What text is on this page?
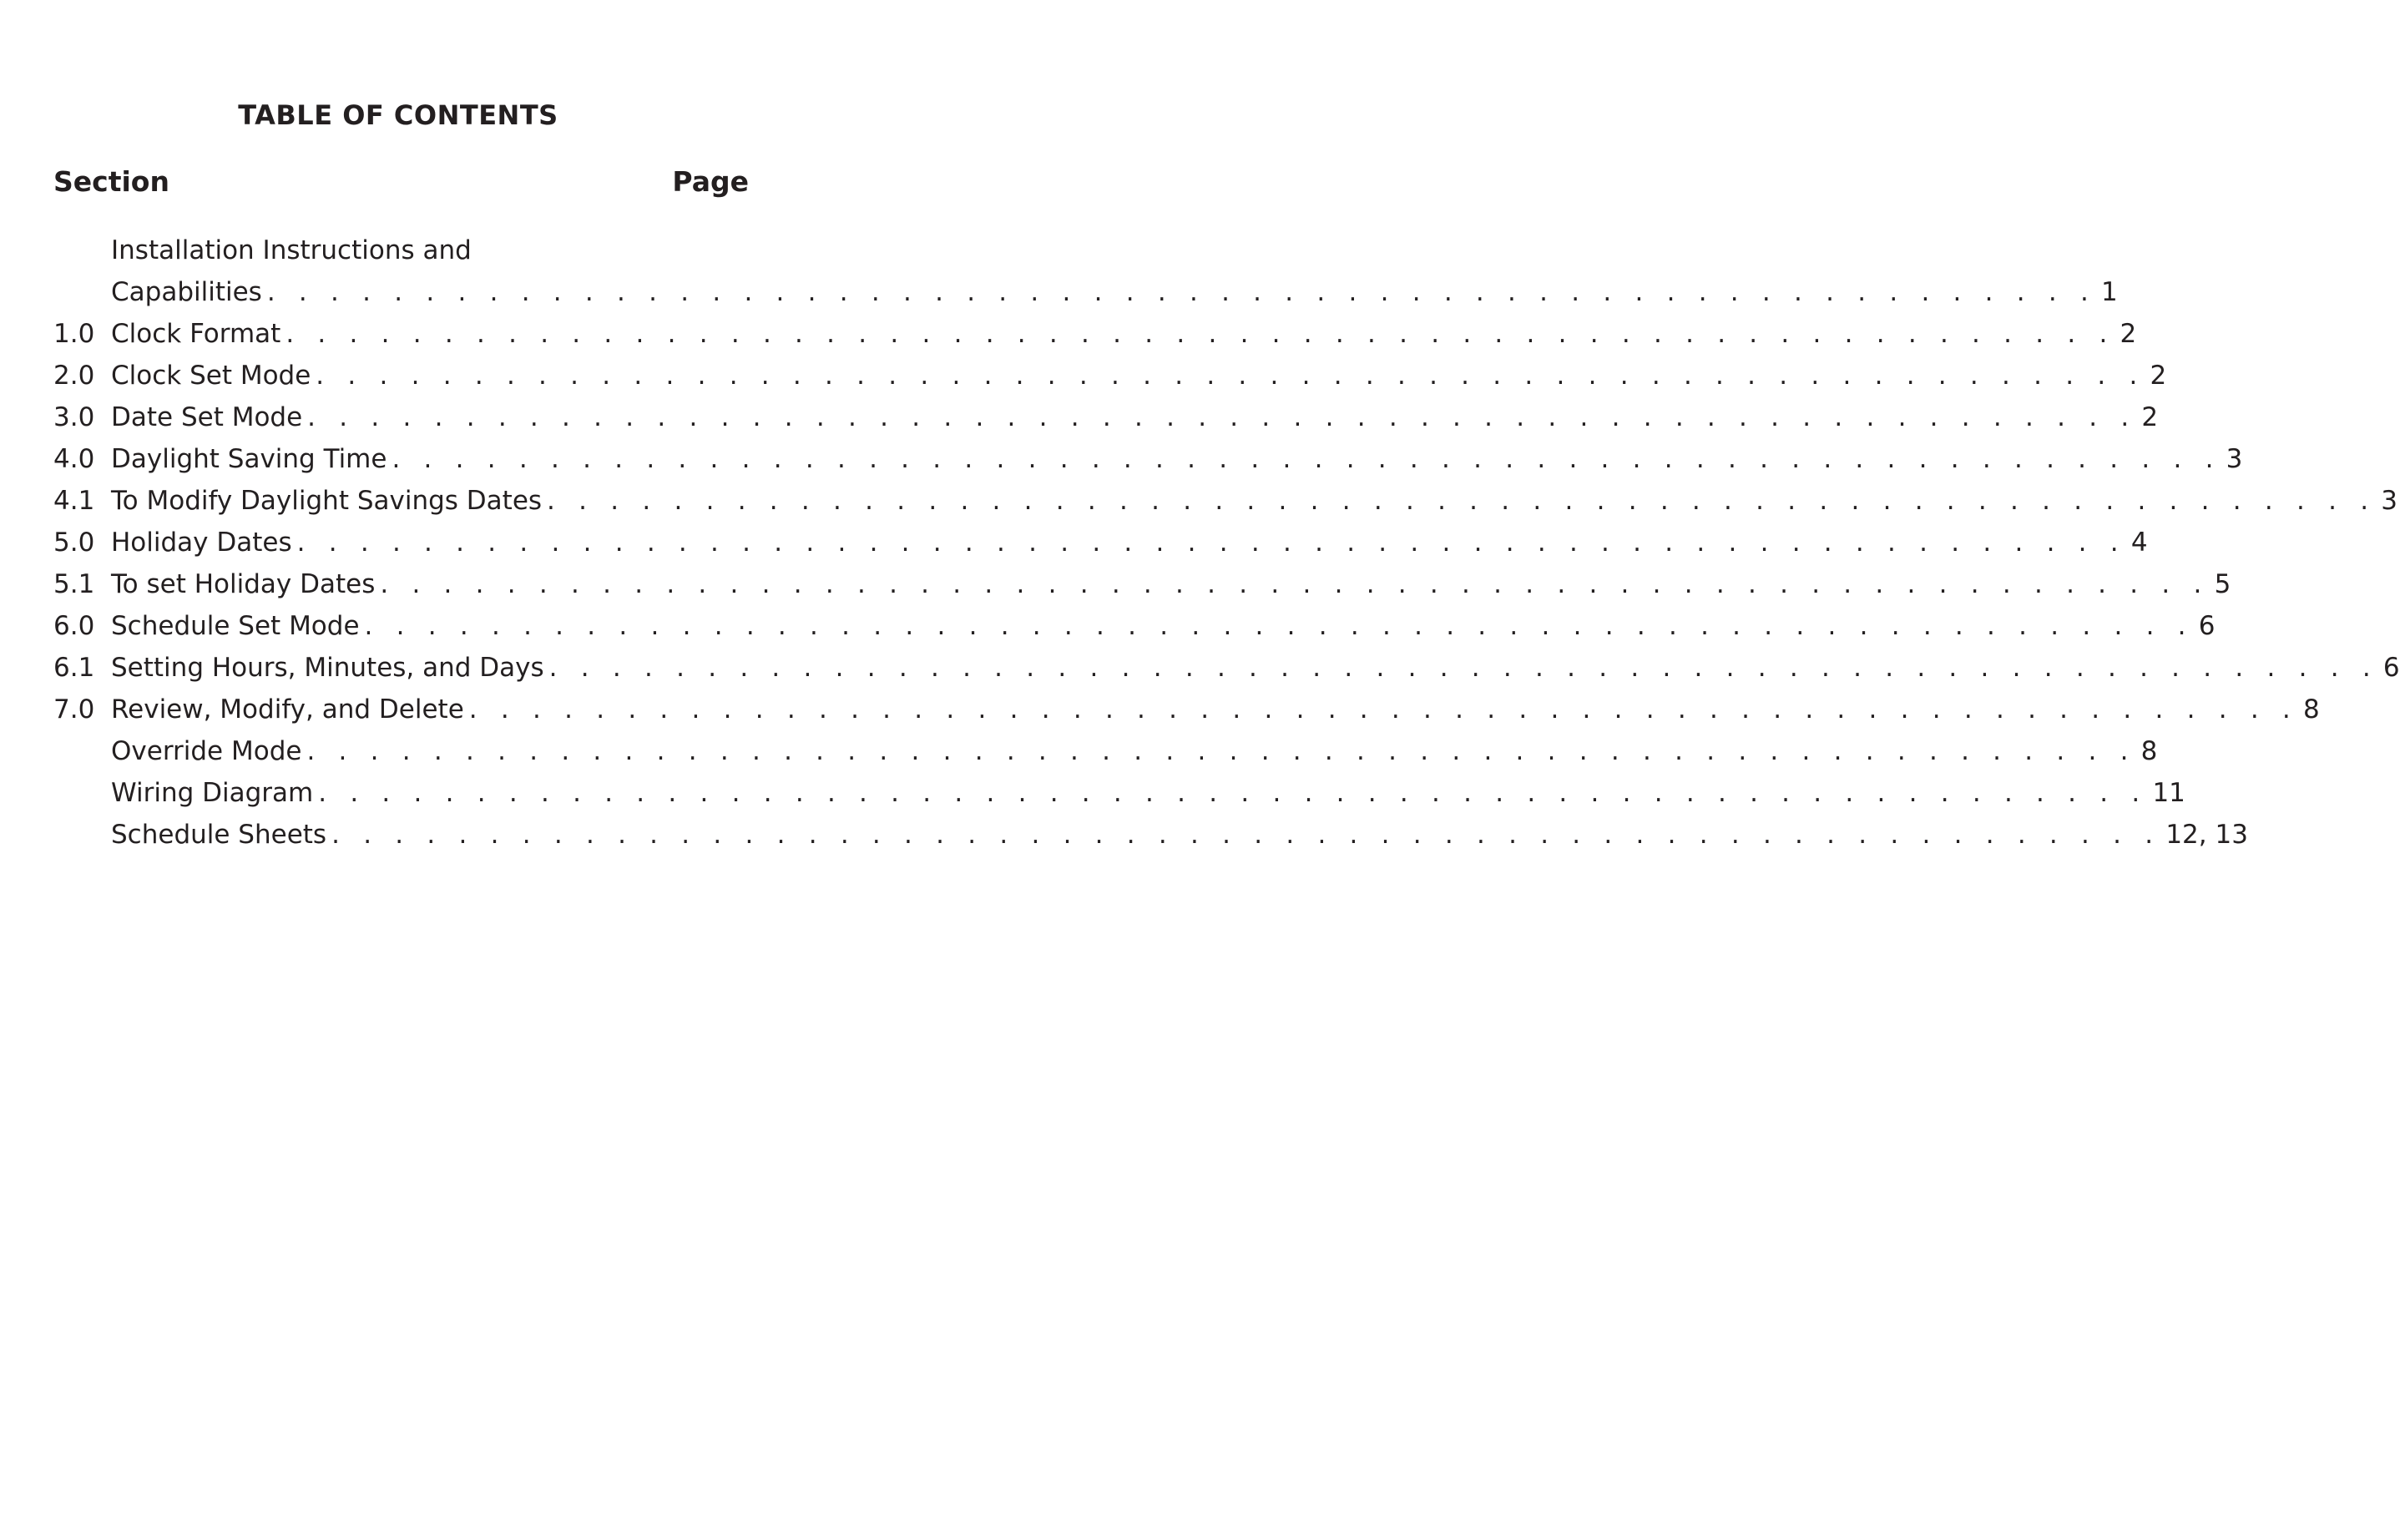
TABLE OF CONTENTS
Section	Page
Installation Instructions and
Capabilities . . . . . . . . . . . . . . . . . . . . . . . . . . . . . . . . . . . . . . . . . . . . . . . . . . . . . . . . . . 1
1.0 Clock Format . . . . . . . . . . . . . . . . . . . . . . . . . . . . . . . . . . . . . . . . . . . . . . . . . . . . . . . . . . 2
2.0 Clock Set Mode . . . . . . . . . . . . . . . . . . . . . . . . . . . . . . . . . . . . . . . . . . . . . . . . . . . . . . . . . . 2
3.0 Date Set Mode . . . . . . . . . . . . . . . . . . . . . . . . . . . . . . . . . . . . . . . . . . . . . . . . . . . . . . . . . . 2
4.0 Daylight Saving Time . . . . . . . . . . . . . . . . . . . . . . . . . . . . . . . . . . . . . . . . . . . . . . . . . . . . . . . . . . 3
4.1 To Modify Daylight Savings Dates . . . . . . . . . . . . . . . . . . . . . . . . . . . . . . . . . . . . . . . . . . . . . . . . . . . . . . . . . . 3
5.0 Holiday Dates . . . . . . . . . . . . . . . . . . . . . . . . . . . . . . . . . . . . . . . . . . . . . . . . . . . . . . . . . . 4
5.1 To set Holiday Dates . . . . . . . . . . . . . . . . . . . . . . . . . . . . . . . . . . . . . . . . . . . . . . . . . . . . . . . . . . 5
6.0 Schedule Set Mode . . . . . . . . . . . . . . . . . . . . . . . . . . . . . . . . . . . . . . . . . . . . . . . . . . . . . . . . . . 6
6.1 Setting Hours, Minutes, and Days . . . . . . . . . . . . . . . . . . . . . . . . . . . . . . . . . . . . . . . . . . . . . . . . . . . . . . . . . . 6
7.0 Review, Modify, and Delete . . . . . . . . . . . . . . . . . . . . . . . . . . . . . . . . . . . . . . . . . . . . . . . . . . . . . . . . . . 8
Override Mode . . . . . . . . . . . . . . . . . . . . . . . . . . . . . . . . . . . . . . . . . . . . . . . . . . . . . . . . . . 8
Wiring Diagram . . . . . . . . . . . . . . . . . . . . . . . . . . . . . . . . . . . . . . . . . . . . . . . . . . . . . . . . . . 11
Schedule Sheets . . . . . . . . . . . . . . . . . . . . . . . . . . . . . . . . . . . . . . . . . . . . . . . . . . . . . . . . . . 12, 13
